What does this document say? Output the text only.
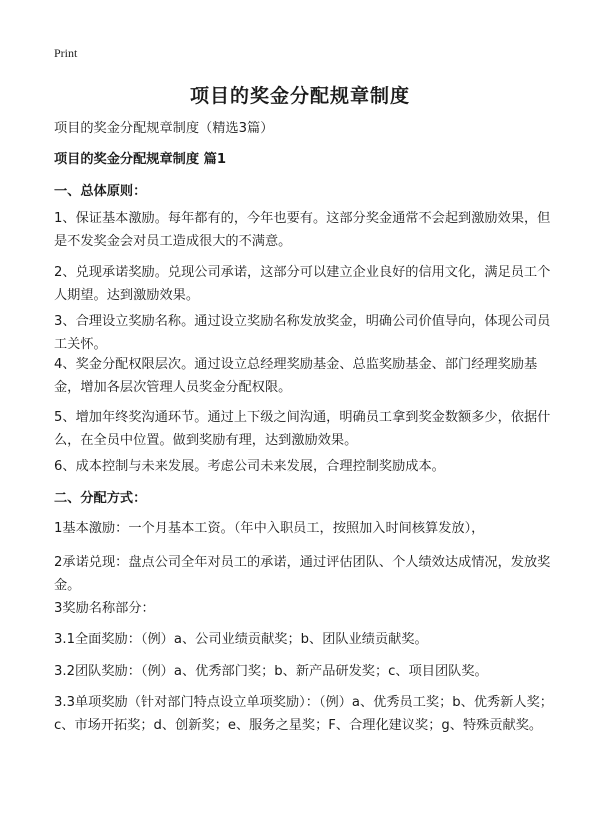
Print
项目的奖金分配规章制度
项目的奖金分配规章制度（精选3篇）
项目的奖金分配规章制度 篇1
一、总体原则：
1、保证基本激励。每年都有的，今年也要有。这部分奖金通常不会起到激励效果，但是不发奖金会对员工造成很大的不满意。
2、兑现承诺奖励。兑现公司承诺，这部分可以建立企业良好的信用文化，满足员工个人期望。达到激励效果。
3、合理设立奖励名称。通过设立奖励名称发放奖金，明确公司价值导向，体现公司员工关怀。
4、奖金分配权限层次。通过设立总经理奖励基金、总监奖励基金、部门经理奖励基金，增加各层次管理人员奖金分配权限。
5、增加年终奖沟通环节。通过上下级之间沟通，明确员工拿到奖金数额多少，依据什么，在全员中位置。做到奖励有理，达到激励效果。
6、成本控制与未来发展。考虑公司未来发展，合理控制奖励成本。
二、分配方式：
1基本激励：一个月基本工资。（年中入职员工，按照加入时间核算发放），
2承诺兑现：盘点公司全年对员工的承诺，通过评估团队、个人绩效达成情况，发放奖金。
3奖励名称部分：
3.1全面奖励：（例）a、公司业绩贡献奖；b、团队业绩贡献奖。
3.2团队奖励：（例）a、优秀部门奖；b、新产品研发奖；c、项目团队奖。
3.3单项奖励（针对部门特点设立单项奖励）：（例）a、优秀员工奖；b、优秀新人奖；c、市场开拓奖；d、创新奖；e、服务之星奖；F、合理化建议奖；g、特殊贡献奖。
